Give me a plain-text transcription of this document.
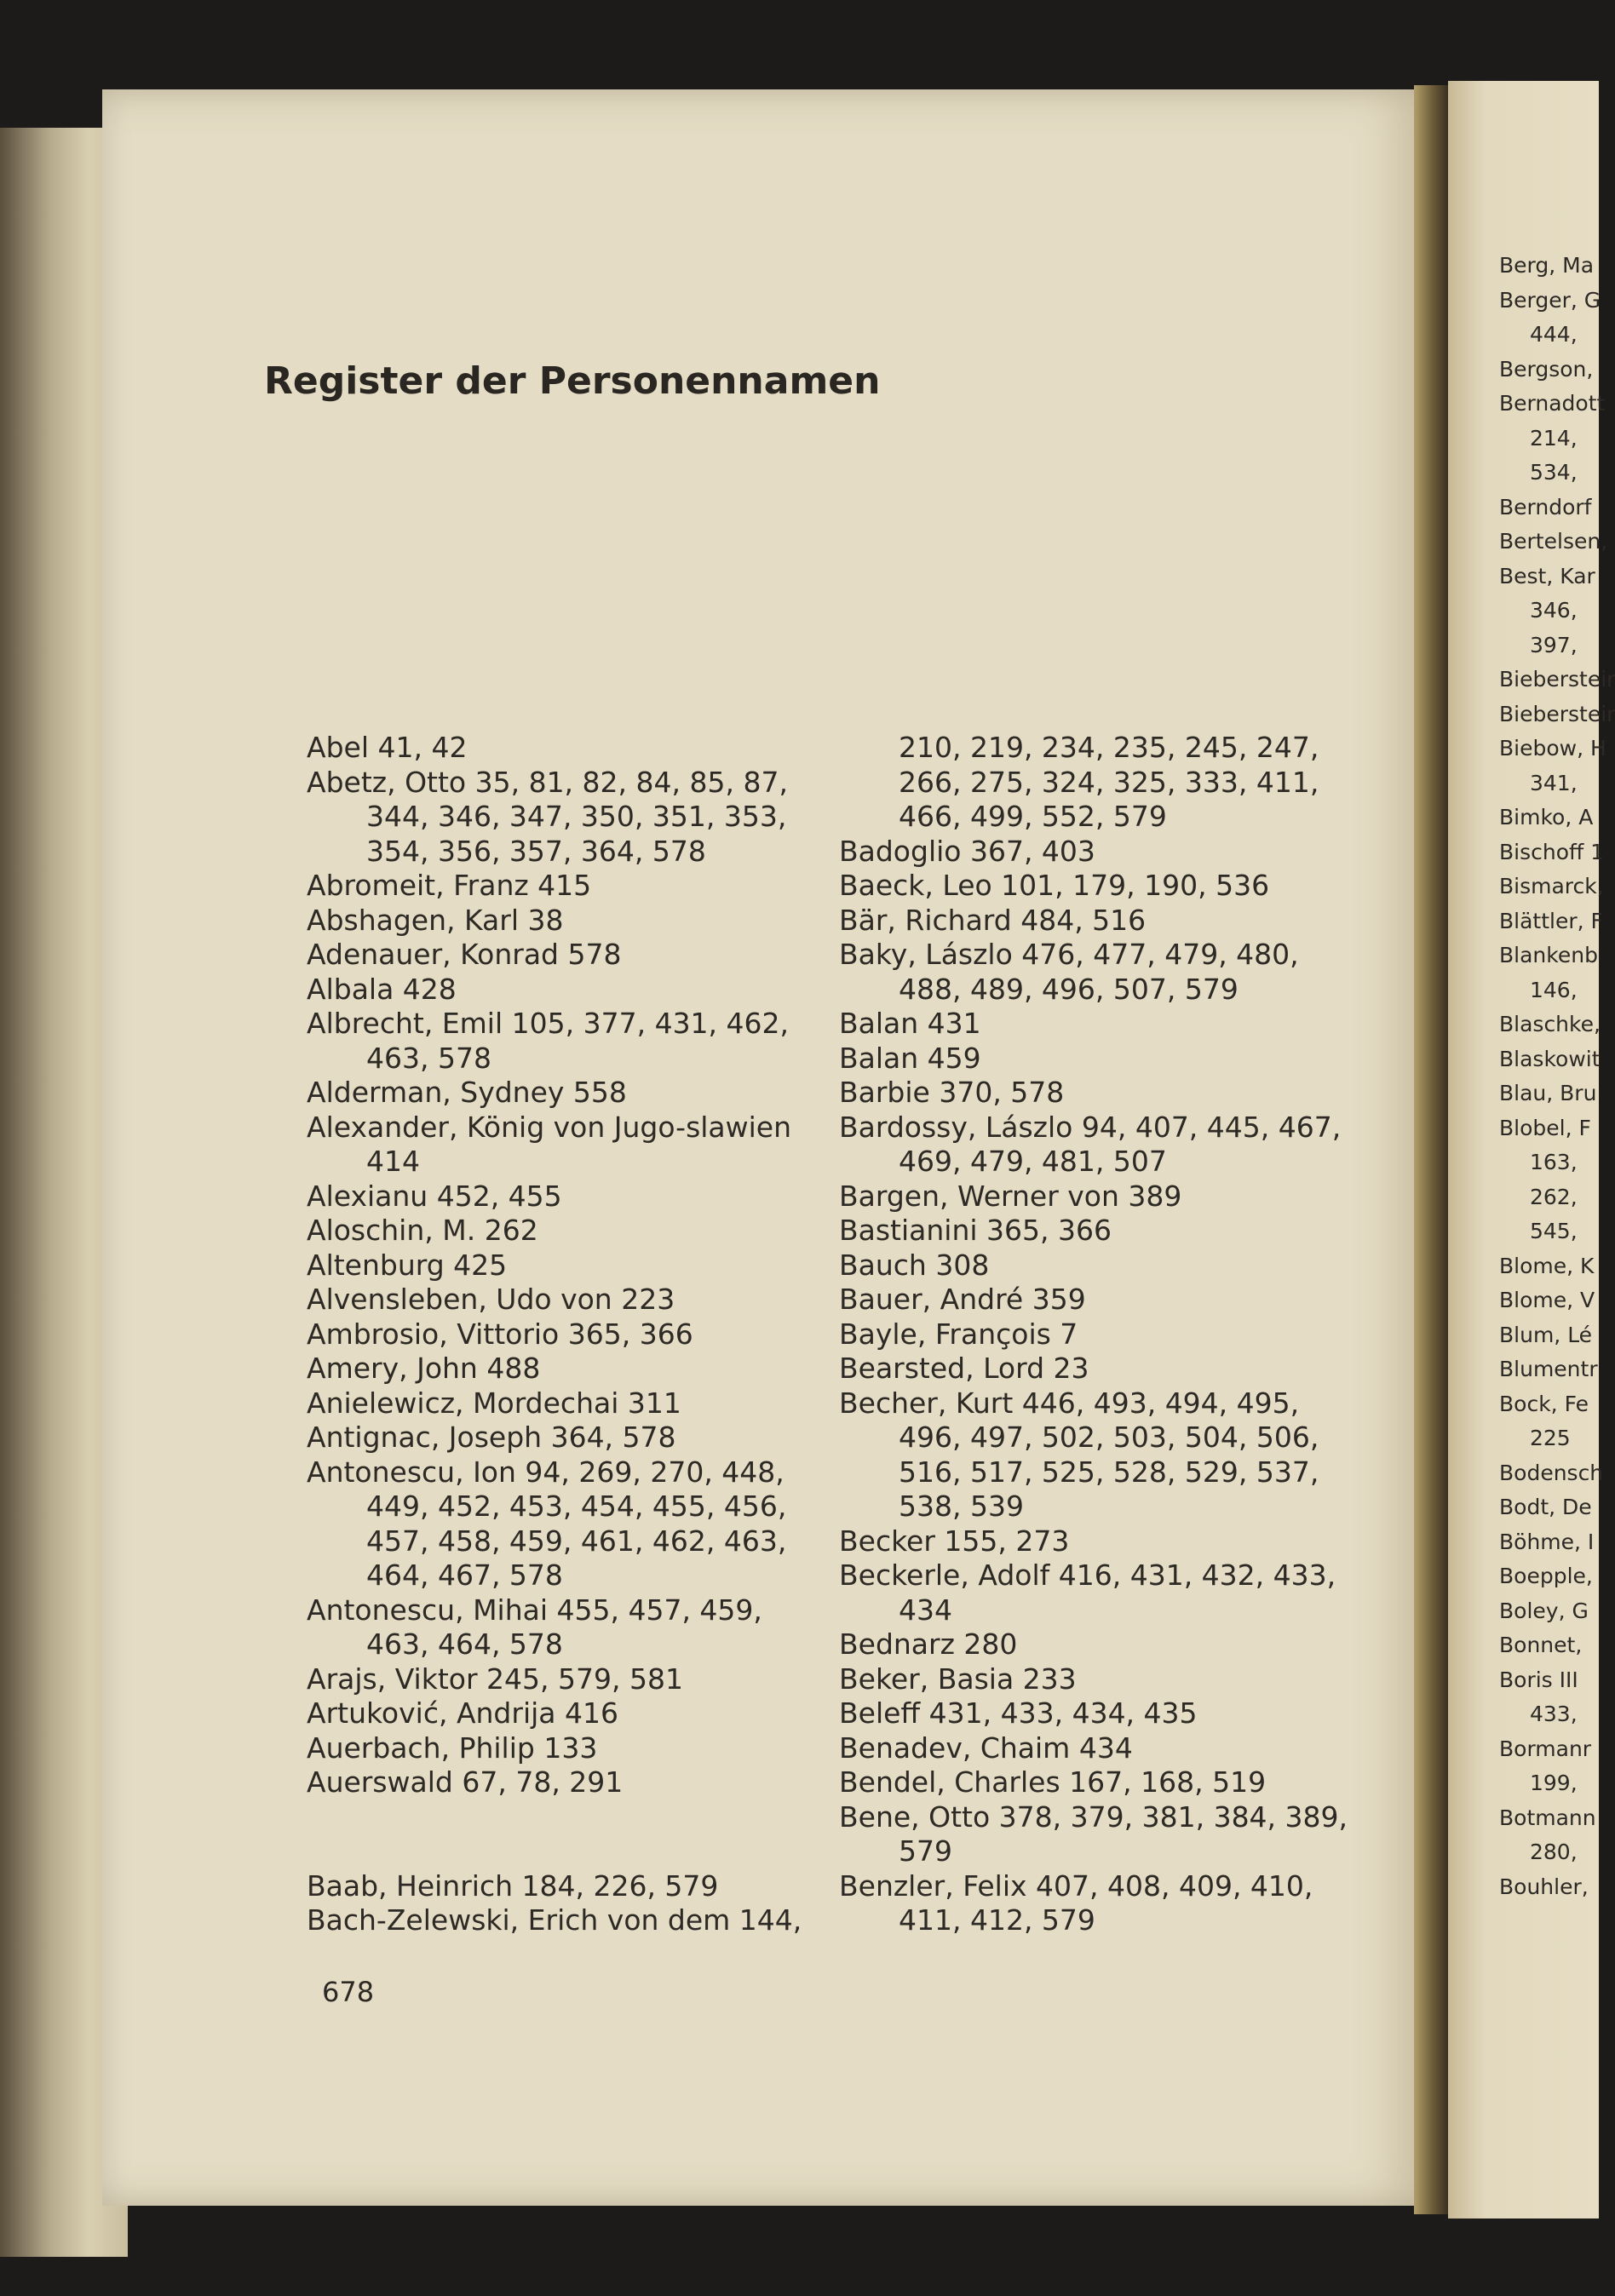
Register der Personennamen
Abel 41, 42
Abetz, Otto 35, 81, 82, 84, 85, 87, 344, 346, 347, 350, 351, 353, 354, 356, 357, 364, 578
Abromeit, Franz 415
Abshagen, Karl 38
Adenauer, Konrad 578
Albala 428
Albrecht, Emil 105, 377, 431, 462, 463, 578
Alderman, Sydney 558
Alexander, König von Jugo-slawien 414
Alexianu 452, 455
Aloschin, M. 262
Altenburg 425
Alvensleben, Udo von 223
Ambrosio, Vittorio 365, 366
Amery, John 488
Anielewicz, Mordechai 311
Antignac, Joseph 364, 578
Antonescu, Ion 94, 269, 270, 448, 449, 452, 453, 454, 455, 456, 457, 458, 459, 461, 462, 463, 464, 467, 578
Antonescu, Mihai 455, 457, 459, 463, 464, 578
Arajs, Viktor 245, 579, 581
Artuković, Andrija 416
Auerbach, Philip 133
Auerswald 67, 78, 291
Baab, Heinrich 184, 226, 579
Bach-Zelewski, Erich von dem 144,
210, 219, 234, 235, 245, 247, 266, 275, 324, 325, 333, 411, 466, 499, 552, 579
Badoglio 367, 403
Baeck, Leo 101, 179, 190, 536
Bär, Richard 484, 516
Baky, Lászlo 476, 477, 479, 480, 488, 489, 496, 507, 579
Balan 431
Balan 459
Barbie 370, 578
Bardossy, Lászlo 94, 407, 445, 467, 469, 479, 481, 507
Bargen, Werner von 389
Bastianini 365, 366
Bauch 308
Bauer, André 359
Bayle, François 7
Bearsted, Lord 23
Becher, Kurt 446, 493, 494, 495, 496, 497, 502, 503, 504, 506, 516, 517, 525, 528, 529, 537, 538, 539
Becker 155, 273
Beckerle, Adolf 416, 431, 432, 433, 434
Bednarz 280
Beker, Basia 233
Beleff 431, 433, 434, 435
Benadev, Chaim 434
Bendel, Charles 167, 168, 519
Bene, Otto 378, 379, 381, 384, 389, 579
Benzler, Felix 407, 408, 409, 410, 411, 412, 579
678
Berg, Ma
Berger, G
444,
Bergson,
Bernadott
214,
534,
Berndorf
Bertelsen,
Best, Kar
346,
397,
Biebersteir
Biebersteir
Biebow, H
341,
Bimko, A
Bischoff 1
Bismarck,
Blättler, F
Blankenb
146,
Blaschke,
Blaskowit
Blau, Bru
Blobel, F
163,
262,
545,
Blome, K
Blome, V
Blum, Lé
Blumentr
Bock, Fe
225
Bodensch
Bodt, De
Böhme, I
Boepple,
Boley, G
Bonnet,
Boris III
433,
Bormanr
199,
Botmann
280,
Bouhler,
